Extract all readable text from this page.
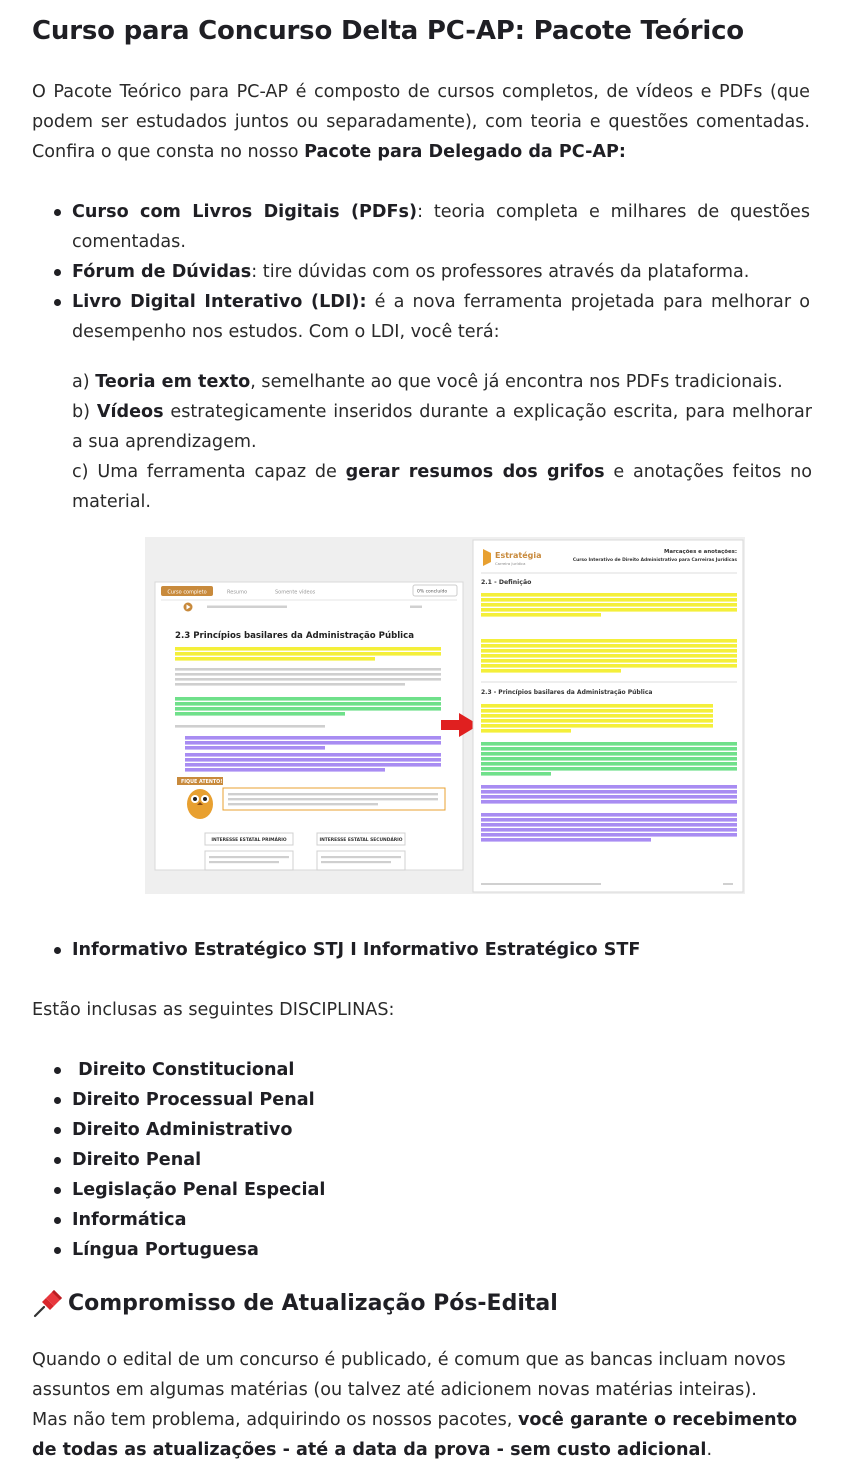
Curso para Concurso Delta PC-AP: Pacote Teórico

O Pacote Teórico para PC-AP é composto de cursos completos, de vídeos e PDFs (que podem ser estudados juntos ou separadamente), com teoria e questões comentadas. Confira o que consta no nosso Pacote para Delegado da PC-AP:

Curso com Livros Digitais (PDFs): teoria completa e milhares de questões comentadas.
Fórum de Dúvidas: tire dúvidas com os professores através da plataforma.
Livro Digital Interativo (LDI): é a nova ferramenta projetada para melhorar o desempenho nos estudos. Com o LDI, você terá:

a) Teoria em texto, semelhante ao que você já encontra nos PDFs tradicionais.

b) Vídeos estrategicamente inseridos durante a explicação escrita, para melhorar a sua aprendizagem.

c) Uma ferramenta capaz de gerar resumos dos grifos e anotações feitos no material.

Curso completo	Resumo	Somente vídeos	0% concluído
2.3 Princípios basilares da Administração Pública
FIQUE ATENTO!
INTERESSE ESTATAL PRIMÁRIO	INTERESSE ESTATAL SECUNDÁRIO
Estratégia
Carreira Jurídica
Marcações e anotações:
Curso Interativo de Direito Administrativo para Carreiras Jurídicas
2.1 - Definição
2.3 - Princípios basilares da Administração Pública
Informativo Estratégico STJ I Informativo Estratégico STF

Estão inclusas as seguintes DISCIPLINAS:

Direito Constitucional
Direito Processual Penal
Direito Administrativo
Direito Penal
Legislação Penal Especial
Informática
Língua Portuguesa
Compromisso de Atualização Pós-Edital

Quando o edital de um concurso é publicado, é comum que as bancas incluam novos assuntos em algumas matérias (ou talvez até adicionem novas matérias inteiras).

Mas não tem problema, adquirindo os nossos pacotes, você garante o recebimento de todas as atualizações - até a data da prova - sem custo adicional.
